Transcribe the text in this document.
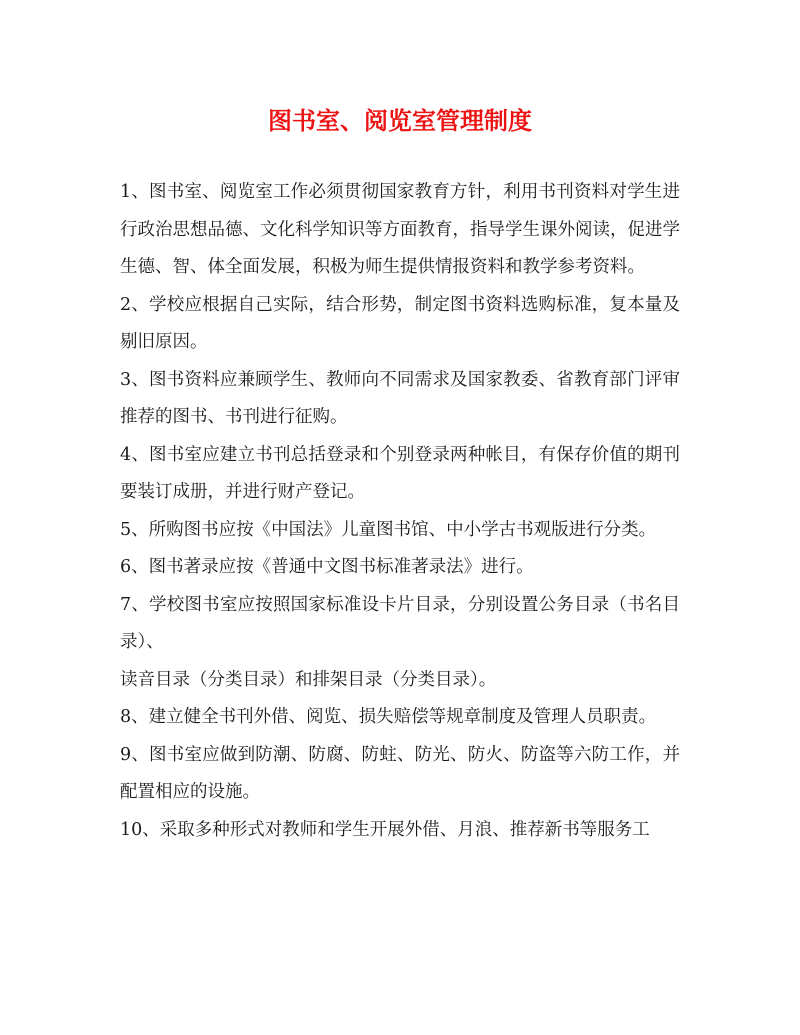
图书室、阅览室管理制度

1、图书室、阅览室工作必须贯彻国家教育方针，利用书刊资料对学生进行政治思想品德、文化科学知识等方面教育，指导学生课外阅读，促进学生德、智、体全面发展，积极为师生提供情报资料和教学参考资料。

2、学校应根据自己实际，结合形势，制定图书资料选购标准，复本量及剔旧原因。

3、图书资料应兼顾学生、教师向不同需求及国家教委、省教育部门评审推荐的图书、书刊进行征购。

4、图书室应建立书刊总括登录和个别登录两种帐目，有保存价值的期刊要装订成册，并进行财产登记。

5、所购图书应按《中国法》儿童图书馆、中小学古书观版进行分类。

6、图书著录应按《普通中文图书标准著录法》进行。

7、学校图书室应按照国家标准设卡片目录，分别设置公务目录（书名目录）、

读音目录（分类目录）和排架目录（分类目录）。

8、建立健全书刊外借、阅览、损失赔偿等规章制度及管理人员职责。

9、图书室应做到防潮、防腐、防蛀、防光、防火、防盗等六防工作，并配置相应的设施。

10、采取多种形式对教师和学生开展外借、月浪、推荐新书等服务工
